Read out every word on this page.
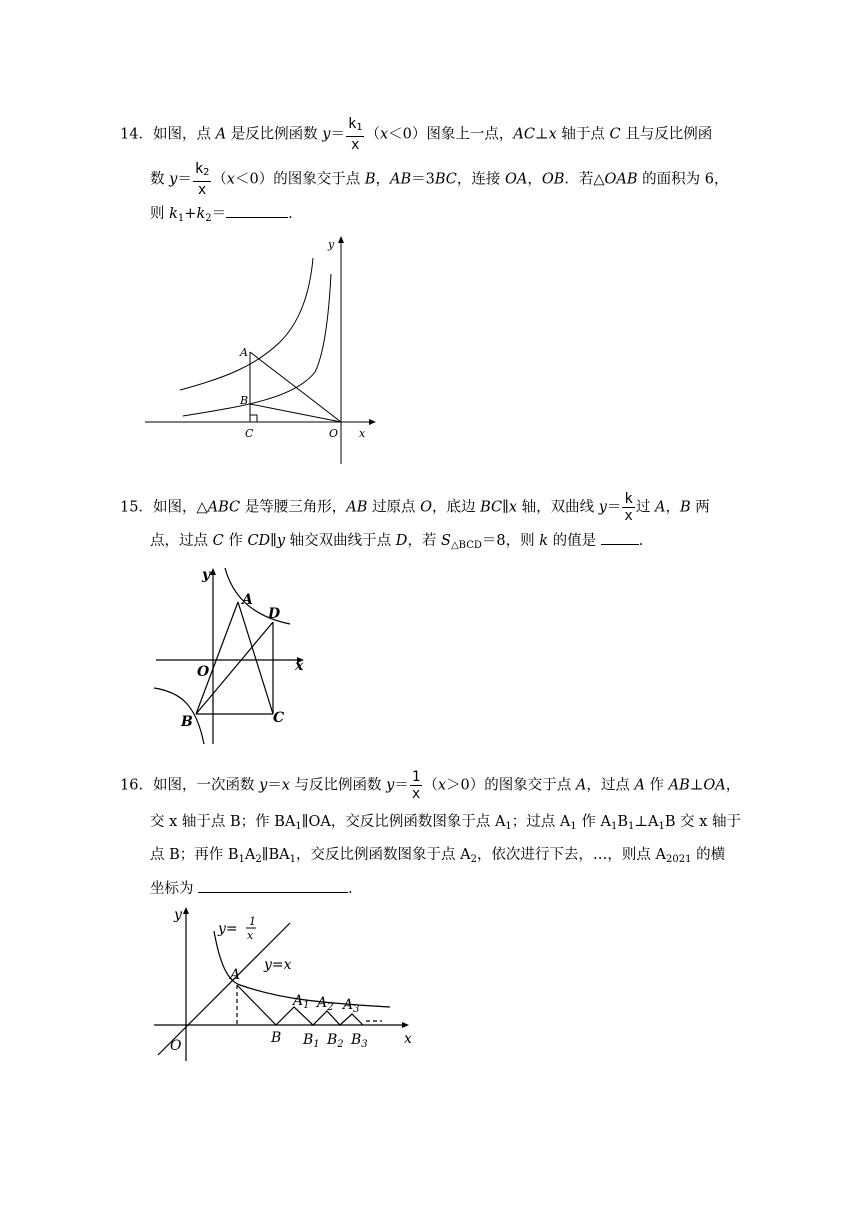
14．如图，点 A 是反比例函数 $y= \frac{k_1}{x} (x<0)$图象上一点，AC⊥x 轴于点 C 且与反比例函
数 $y= \frac{k_2}{x} (x<0)$的图象交于点 B，AB＝3BC，连接 OA，OB．若△OAB 的面积为 6，
则 $k_1+k_2=$	．
y
A
B
C	O x
15．如图，△ABC 是等腰三角形，AB 过原点 O，底边 BC∥x 轴，双曲线 $y= \frac{k}{x}$ 过 A，B 两
点，过点 C 作 CD∥y 轴交双曲线于点 D，若 $S_{\triangle BCD}=8$，则 k 的值是	．
y
A
D
O	x
B	C
16．如图，一次函数 y＝x 与反比例函数 $y= \frac{1}{x} (x>0)$的图象交于点 A，过点 A 作 AB⊥OA，
交 x 轴于点 B；作 $BA_1\parallel OA$，交反比例函数图象于点 $A_1$；过点 $A_1$ 作 $A_1B_1\perp A_1B$ 交 x 轴于
点 B；再作 $B_1A_2\parallel BA_1$，交反比例函数图象于点 $A_2$，依次进行下去，…，则点 $A_{2021}$ 的横
坐标为	．
y
y= 1
x
y=x
A
$A_1$ $A_2$ $A_3$
O	B $B_1$ $B_2$ $B_3$	x
